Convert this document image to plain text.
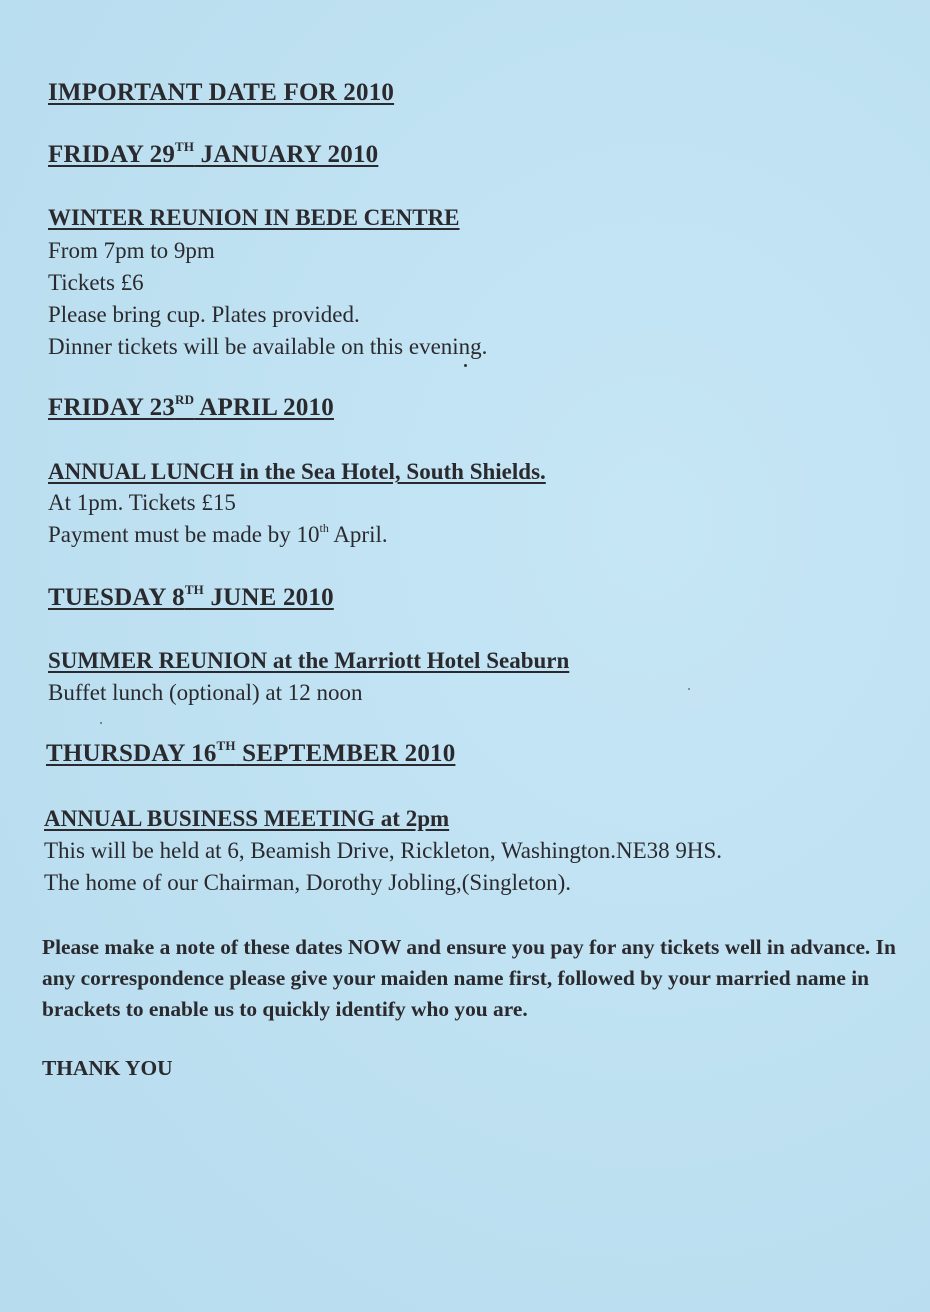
IMPORTANT DATE FOR 2010
FRIDAY 29TH JANUARY 2010
WINTER REUNION IN BEDE CENTRE

From 7pm to 9pm

Tickets £6

Please bring cup. Plates provided.

Dinner tickets will be available on this evening.

FRIDAY 23RD APRIL 2010
ANNUAL LUNCH in the Sea Hotel, South Shields.

At 1pm. Tickets £15

Payment must be made by 10th April.

TUESDAY 8TH JUNE 2010
SUMMER REUNION at the Marriott Hotel Seaburn

Buffet lunch (optional) at 12 noon

THURSDAY 16TH SEPTEMBER 2010
ANNUAL BUSINESS MEETING at 2pm

This will be held at 6, Beamish Drive, Rickleton, Washington.NE38 9HS.

The home of our Chairman, Dorothy Jobling,(Singleton).

Please make a note of these dates NOW and ensure you pay for any tickets well in advance. In any correspondence please give your maiden name first, followed by your married name in brackets to enable us to quickly identify who you are.

THANK YOU
